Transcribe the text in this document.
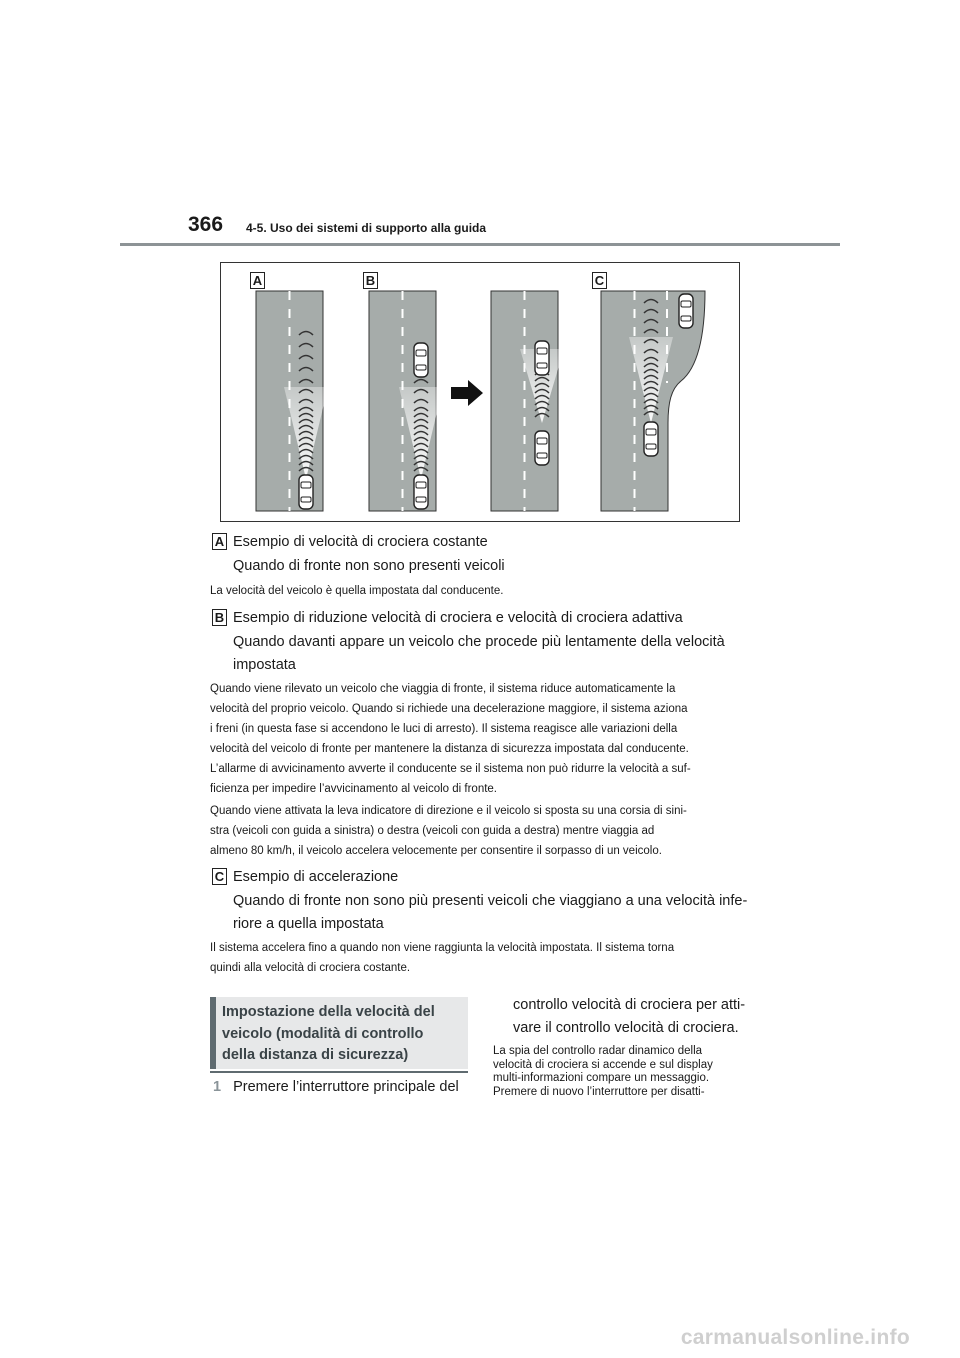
366 4-5. Uso dei sistemi di supporto alla guida
A	B	C
A Esempio di velocità di crociera costante
Quando di fronte non sono presenti veicoli
La velocità del veicolo è quella impostata dal conducente.
B Esempio di riduzione velocità di crociera e velocità di crociera adattiva
Quando davanti appare un veicolo che procede più lentamente della velocità
impostata
Quando viene rilevato un veicolo che viaggia di fronte, il sistema riduce automaticamente la
velocità del proprio veicolo. Quando si richiede una decelerazione maggiore, il sistema aziona
i freni (in questa fase si accendono le luci di arresto). Il sistema reagisce alle variazioni della
velocità del veicolo di fronte per mantenere la distanza di sicurezza impostata dal conducente.
L’allarme di avvicinamento avverte il conducente se il sistema non può ridurre la velocità a suf-
ficienza per impedire l’avvicinamento al veicolo di fronte.
Quando viene attivata la leva indicatore di direzione e il veicolo si sposta su una corsia di sini-
stra (veicoli con guida a sinistra) o destra (veicoli con guida a destra) mentre viaggia ad
almeno 80 km/h, il veicolo accelera velocemente per consentire il sorpasso di un veicolo.
C Esempio di accelerazione
Quando di fronte non sono più presenti veicoli che viaggiano a una velocità infe-
riore a quella impostata
Il sistema accelera fino a quando non viene raggiunta la velocità impostata. Il sistema torna
quindi alla velocità di crociera costante.
Impostazione della velocità del
veicolo (modalità di controllo
della distanza di sicurezza)
1 Premere l’interruttore principale del
controllo velocità di crociera per atti-
vare il controllo velocità di crociera.
La spia del controllo radar dinamico della
velocità di crociera si accende e sul display
multi-informazioni compare un messaggio.
Premere di nuovo l’interruttore per disatti-
carmanualsonline.info
